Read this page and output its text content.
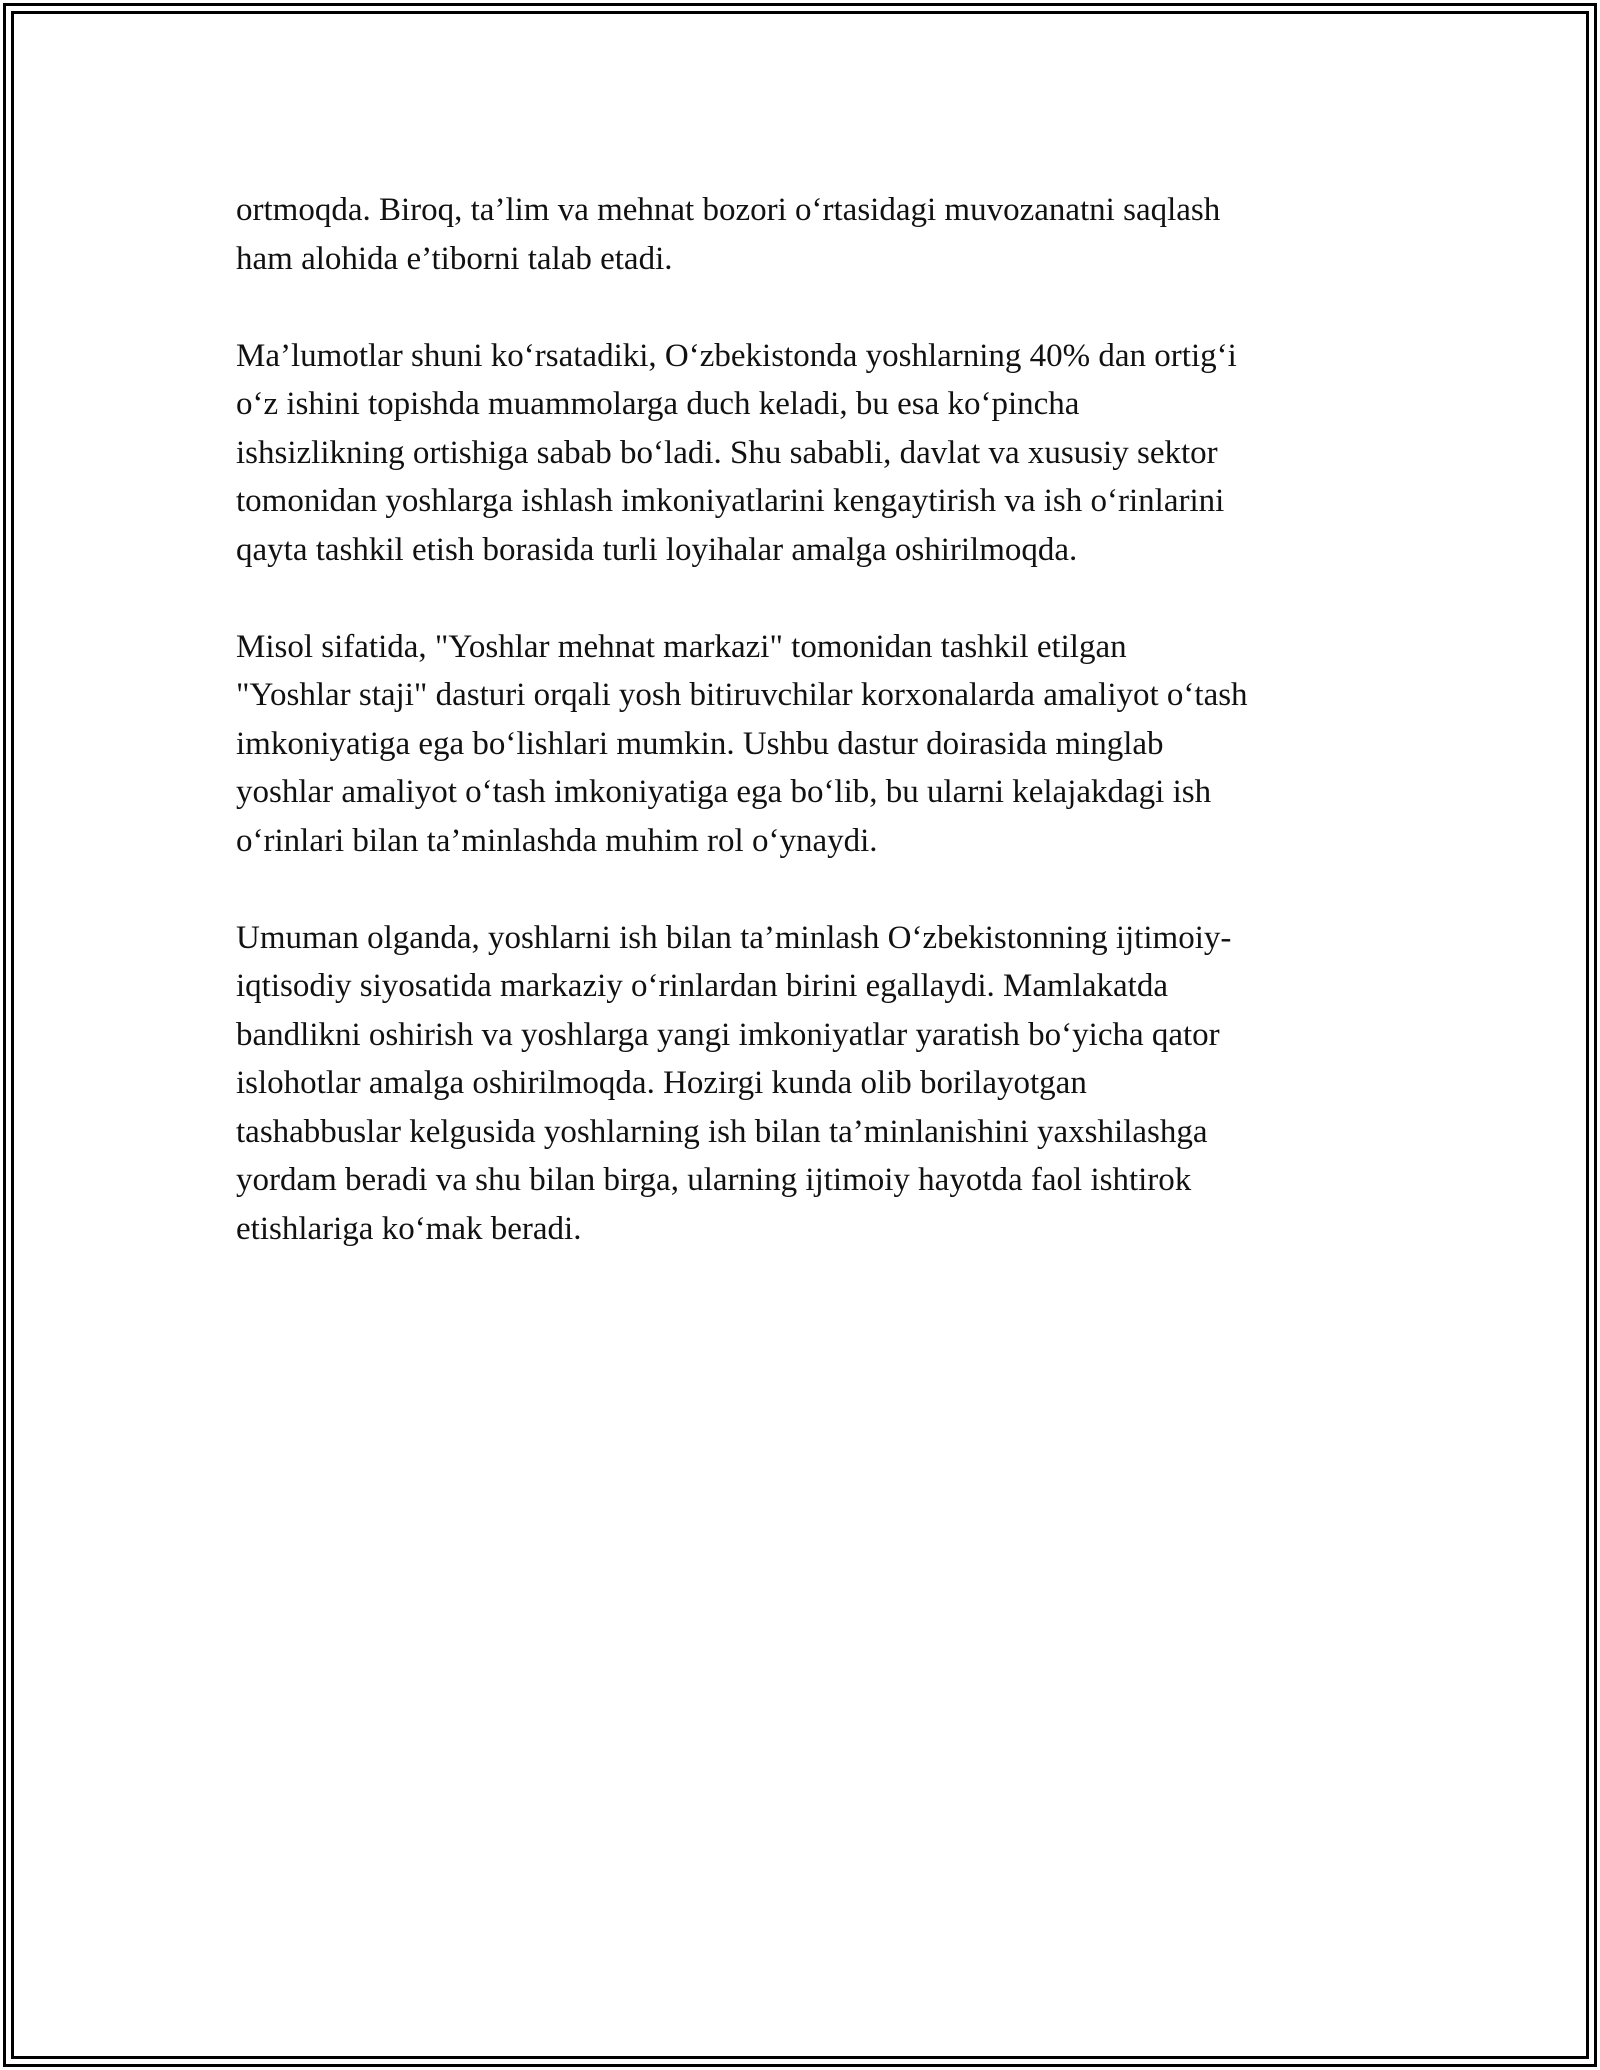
ortmoqda. Biroq, ta’lim va mehnat bozori o‘rtasidagi muvozanatni saqlash
ham alohida e’tiborni talab etadi.

Ma’lumotlar shuni ko‘rsatadiki, O‘zbekistonda yoshlarning 40% dan ortig‘i
o‘z ishini topishda muammolarga duch keladi, bu esa ko‘pincha
ishsizlikning ortishiga sabab bo‘ladi. Shu sababli, davlat va xususiy sektor
tomonidan yoshlarga ishlash imkoniyatlarini kengaytirish va ish o‘rinlarini
qayta tashkil etish borasida turli loyihalar amalga oshirilmoqda.

Misol sifatida, "Yoshlar mehnat markazi" tomonidan tashkil etilgan
"Yoshlar staji" dasturi orqali yosh bitiruvchilar korxonalarda amaliyot o‘tash
imkoniyatiga ega bo‘lishlari mumkin. Ushbu dastur doirasida minglab
yoshlar amaliyot o‘tash imkoniyatiga ega bo‘lib, bu ularni kelajakdagi ish
o‘rinlari bilan ta’minlashda muhim rol o‘ynaydi.

Umuman olganda, yoshlarni ish bilan ta’minlash O‘zbekistonning ijtimoiy-
iqtisodiy siyosatida markaziy o‘rinlardan birini egallaydi. Mamlakatda
bandlikni oshirish va yoshlarga yangi imkoniyatlar yaratish bo‘yicha qator
islohotlar amalga oshirilmoqda. Hozirgi kunda olib borilayotgan
tashabbuslar kelgusida yoshlarning ish bilan ta’minlanishini yaxshilashga
yordam beradi va shu bilan birga, ularning ijtimoiy hayotda faol ishtirok
etishlariga ko‘mak beradi.
